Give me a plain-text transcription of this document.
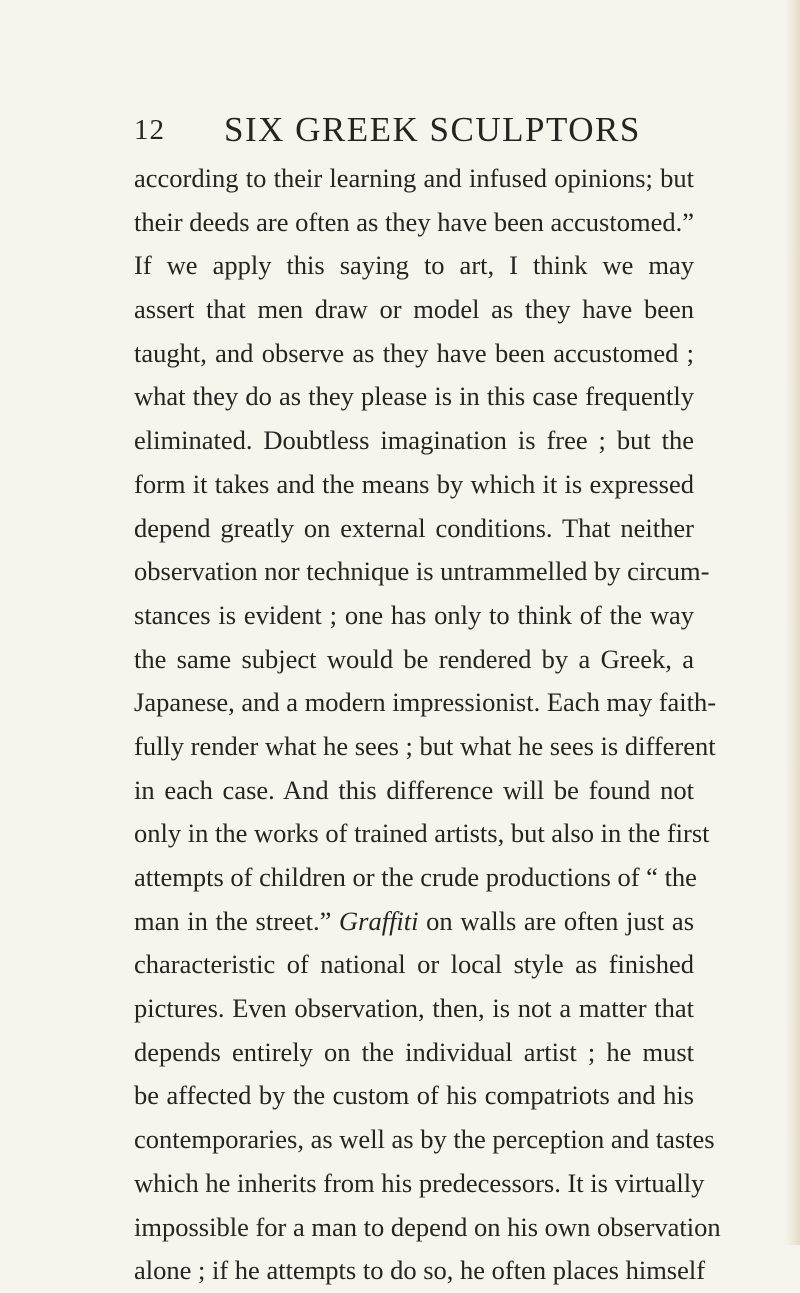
12 SIX GREEK SCULPTORS
according to their learning and infused opinions; but
their deeds are often as they have been accustomed.”
If we apply this saying to art, I think we may
assert that men draw or model as they have been
taught, and observe as they have been accustomed ;
what they do as they please is in this case frequently
eliminated. Doubtless imagination is free ; but the
form it takes and the means by which it is expressed
depend greatly on external conditions. That neither
observation nor technique is untrammelled by circum-
stances is evident ; one has only to think of the way
the same subject would be rendered by a Greek, a
Japanese, and a modern impressionist. Each may faith-
fully render what he sees ; but what he sees is different
in each case. And this difference will be found not
only in the works of trained artists, but also in the first
attempts of children or the crude productions of “ the
man in the street.” Graffiti on walls are often just as
characteristic of national or local style as finished
pictures. Even observation, then, is not a matter that
depends entirely on the individual artist ; he must
be affected by the custom of his compatriots and his
contemporaries, as well as by the perception and tastes
which he inherits from his predecessors. It is virtually
impossible for a man to depend on his own observation
alone ; if he attempts to do so, he often places himself
